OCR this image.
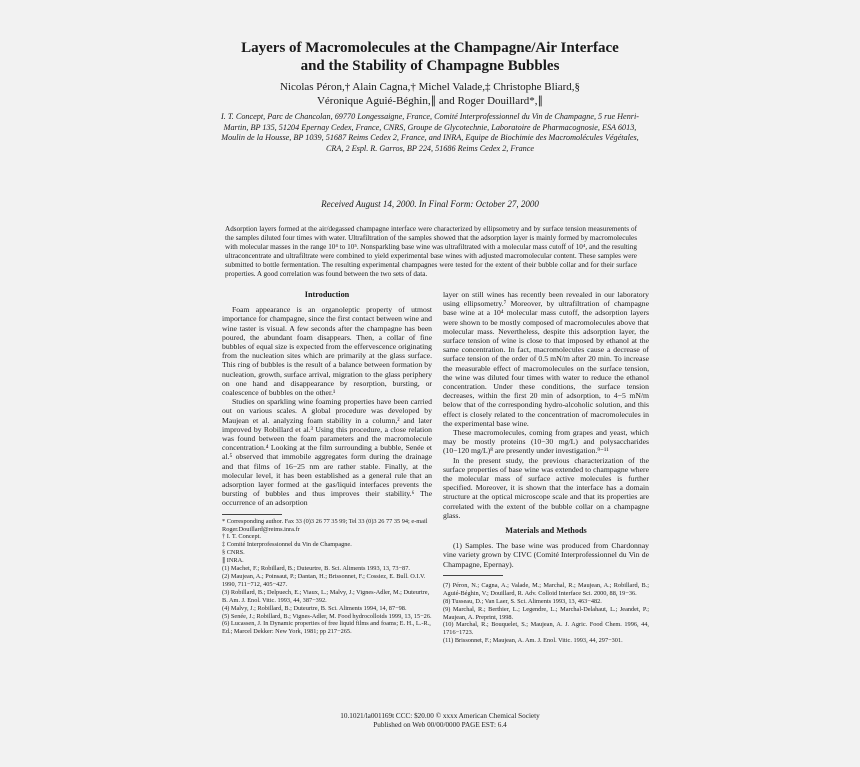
Layers of Macromolecules at the Champagne/Air Interface
and the Stability of Champagne Bubbles
Nicolas Péron,† Alain Cagna,† Michel Valade,‡ Christophe Bliard,§
Véronique Aguié-Béghin,∥ and Roger Douillard*,∥
I. T. Concept, Parc de Chancolan, 69770 Longessaigne, France, Comité Interprofessionnel du Vin de Champagne, 5 rue Henri-Martin, BP 135, 51204 Epernay Cedex, France, CNRS, Groupe de Glycotechnie, Laboratoire de Pharmacognosie, ESA 6013, Moulin de la Housse, BP 1039, 51687 Reims Cedex 2, France, and INRA, Equipe de Biochimie des Macromolécules Végétales, CRA, 2 Espl. R. Garros, BP 224, 51686 Reims Cedex 2, France
Received August 14, 2000. In Final Form: October 27, 2000
Adsorption layers formed at the air/degassed champagne interface were characterized by ellipsometry and by surface tension measurements of the samples diluted four times with water. Ultrafiltration of the samples showed that the adsorption layer is mainly formed by macromolecules with molecular masses in the range 10⁴ to 10⁵. Nonsparkling base wine was ultrafiltrated with a molecular mass cutoff of 10⁴, and the resulting ultraconcentrate and ultrafiltrate were combined to yield experimental base wines with adjusted macromolecular content. These samples were submitted to bottle fermentation. The resulting experimental champagnes were tested for the extent of their bubble collar and for their surface properties. A good correlation was found between the two sets of data.
Introduction

Foam appearance is an organoleptic property of utmost importance for champagne, since the first contact between wine and wine taster is visual. A few seconds after the champagne has been poured, the abundant foam disappears. Then, a collar of fine bubbles of equal size is expected from the effervescence originating from the nucleation sites which are primarily at the glass surface. This ring of bubbles is the result of a balance between formation by nucleation, growth, surface arrival, migration to the glass periphery on one hand and disappearance by resorption, bursting, or coalescence of bubbles on the other.¹

Studies on sparkling wine foaming properties have been carried out on various scales. A global procedure was developed by Maujean et al. analyzing foam stability in a column,² and later improved by Robillard et al.³ Using this procedure, a close relation was found between the foam parameters and the macromolecule concentration.⁴ Looking at the film surrounding a bubble, Senée et al.⁵ observed that immobile aggregates form during the drainage and that films of 16−25 nm are rather stable. Finally, at the molecular level, it has been established as a general rule that an adsorption layer formed at the gas/liquid interfaces prevents the bursting of bubbles and thus improves their stability.⁶ The occurrence of an adsorption

* Corresponding author. Fax 33 (0)3 26 77 35 99; Tel 33 (0)3 26 77 35 94; e-mail Roger.Douillard@reims.inra.fr
† I. T. Concept.
‡ Comité Interprofessionnel du Vin de Champagne.
§ CNRS.
∥ INRA.
(1) Machet, F.; Robillard, B.; Duteurtre, B. Sci. Aliments 1993, 13, 73−87.
(2) Maujean, A.; Poinsaut, P.; Dantan, H.; Brissonnet, F.; Cossiez, E. Bull. O.I.V. 1990, 711−712, 405−427.
(3) Robillard, B.; Delpuech, E.; Viaux, L.; Malvy, J.; Vignes-Adler, M.; Duteurtre, B. Am. J. Enol. Vitic. 1993, 44, 387−392.
(4) Malvy, J.; Robillard, B.; Duteurtre, B. Sci. Aliments 1994, 14, 87−98.
(5) Senée, J.; Robillard, B.; Vignes-Adler, M. Food hydrocolloids 1999, 13, 15−26.
(6) Lucassen, J. In Dynamic properties of free liquid films and foams; E. H., L.-R., Ed.; Marcel Dekker: New York, 1981; pp 217−265.

layer on still wines has recently been revealed in our laboratory using ellipsometry.⁷ Moreover, by ultrafiltration of champagne base wine at a 10⁴ molecular mass cutoff, the adsorption layers were shown to be mostly composed of macromolecules above that molecular mass. Nevertheless, despite this adsorption layer, the surface tension of wine is close to that imposed by ethanol at the same concentration. In fact, macromolecules cause a decrease of surface tension of the order of 0.5 mN/m after 20 min. To increase the measurable effect of macromolecules on the surface tension, the wine was diluted four times with water to reduce the ethanol concentration. Under these conditions, the surface tension decreases, within the first 20 min of adsorption, to 4−5 mN/m below that of the corresponding hydro-alcoholic solution, and this effect is closely related to the concentration of macromolecules in the experimental base wine.

These macromolecules, coming from grapes and yeast, which may be mostly proteins (10−30 mg/L) and polysaccharides (10−120 mg/L)⁸ are presently under investigation.⁹⁻¹¹

In the present study, the previous characterization of the surface properties of base wine was extended to champagne where the molecular mass of surface active molecules is further specified. Moreover, it is shown that the interface has a domain structure at the optical microscope scale and that its properties are correlated with the extent of the bubble collar on a champagne glass.

Materials and Methods

(1) Samples. The base wine was produced from Chardonnay vine variety grown by CIVC (Comité Interprofessionnel du Vin de Champagne, Epernay).

(7) Péron, N.; Cagna, A.; Valade, M.; Marchal, R.; Maujean, A.; Robillard, B.; Aguié-Béghin, V.; Douillard, R. Adv. Colloid Interface Sci. 2000, 88, 19−36.
(8) Tusseau, D.; Van Laer, S. Sci. Aliments 1993, 13, 463−482.
(9) Marchal, R.; Berthier, L.; Legendre, L.; Marchal-Delahaut, L.; Jeandet, P.; Maujean, A. Preprint, 1998.
(10) Marchal, R.; Bouquelet, S.; Maujean, A. J. Agric. Food Chem. 1996, 44, 1716−1723.
(11) Brissonnet, F.; Maujean, A. Am. J. Enol. Vitic. 1993, 44, 297−301.
10.1021/la001169t CCC: $20.00 © xxxx American Chemical Society
Published on Web 00/00/0000 PAGE EST: 6.4
